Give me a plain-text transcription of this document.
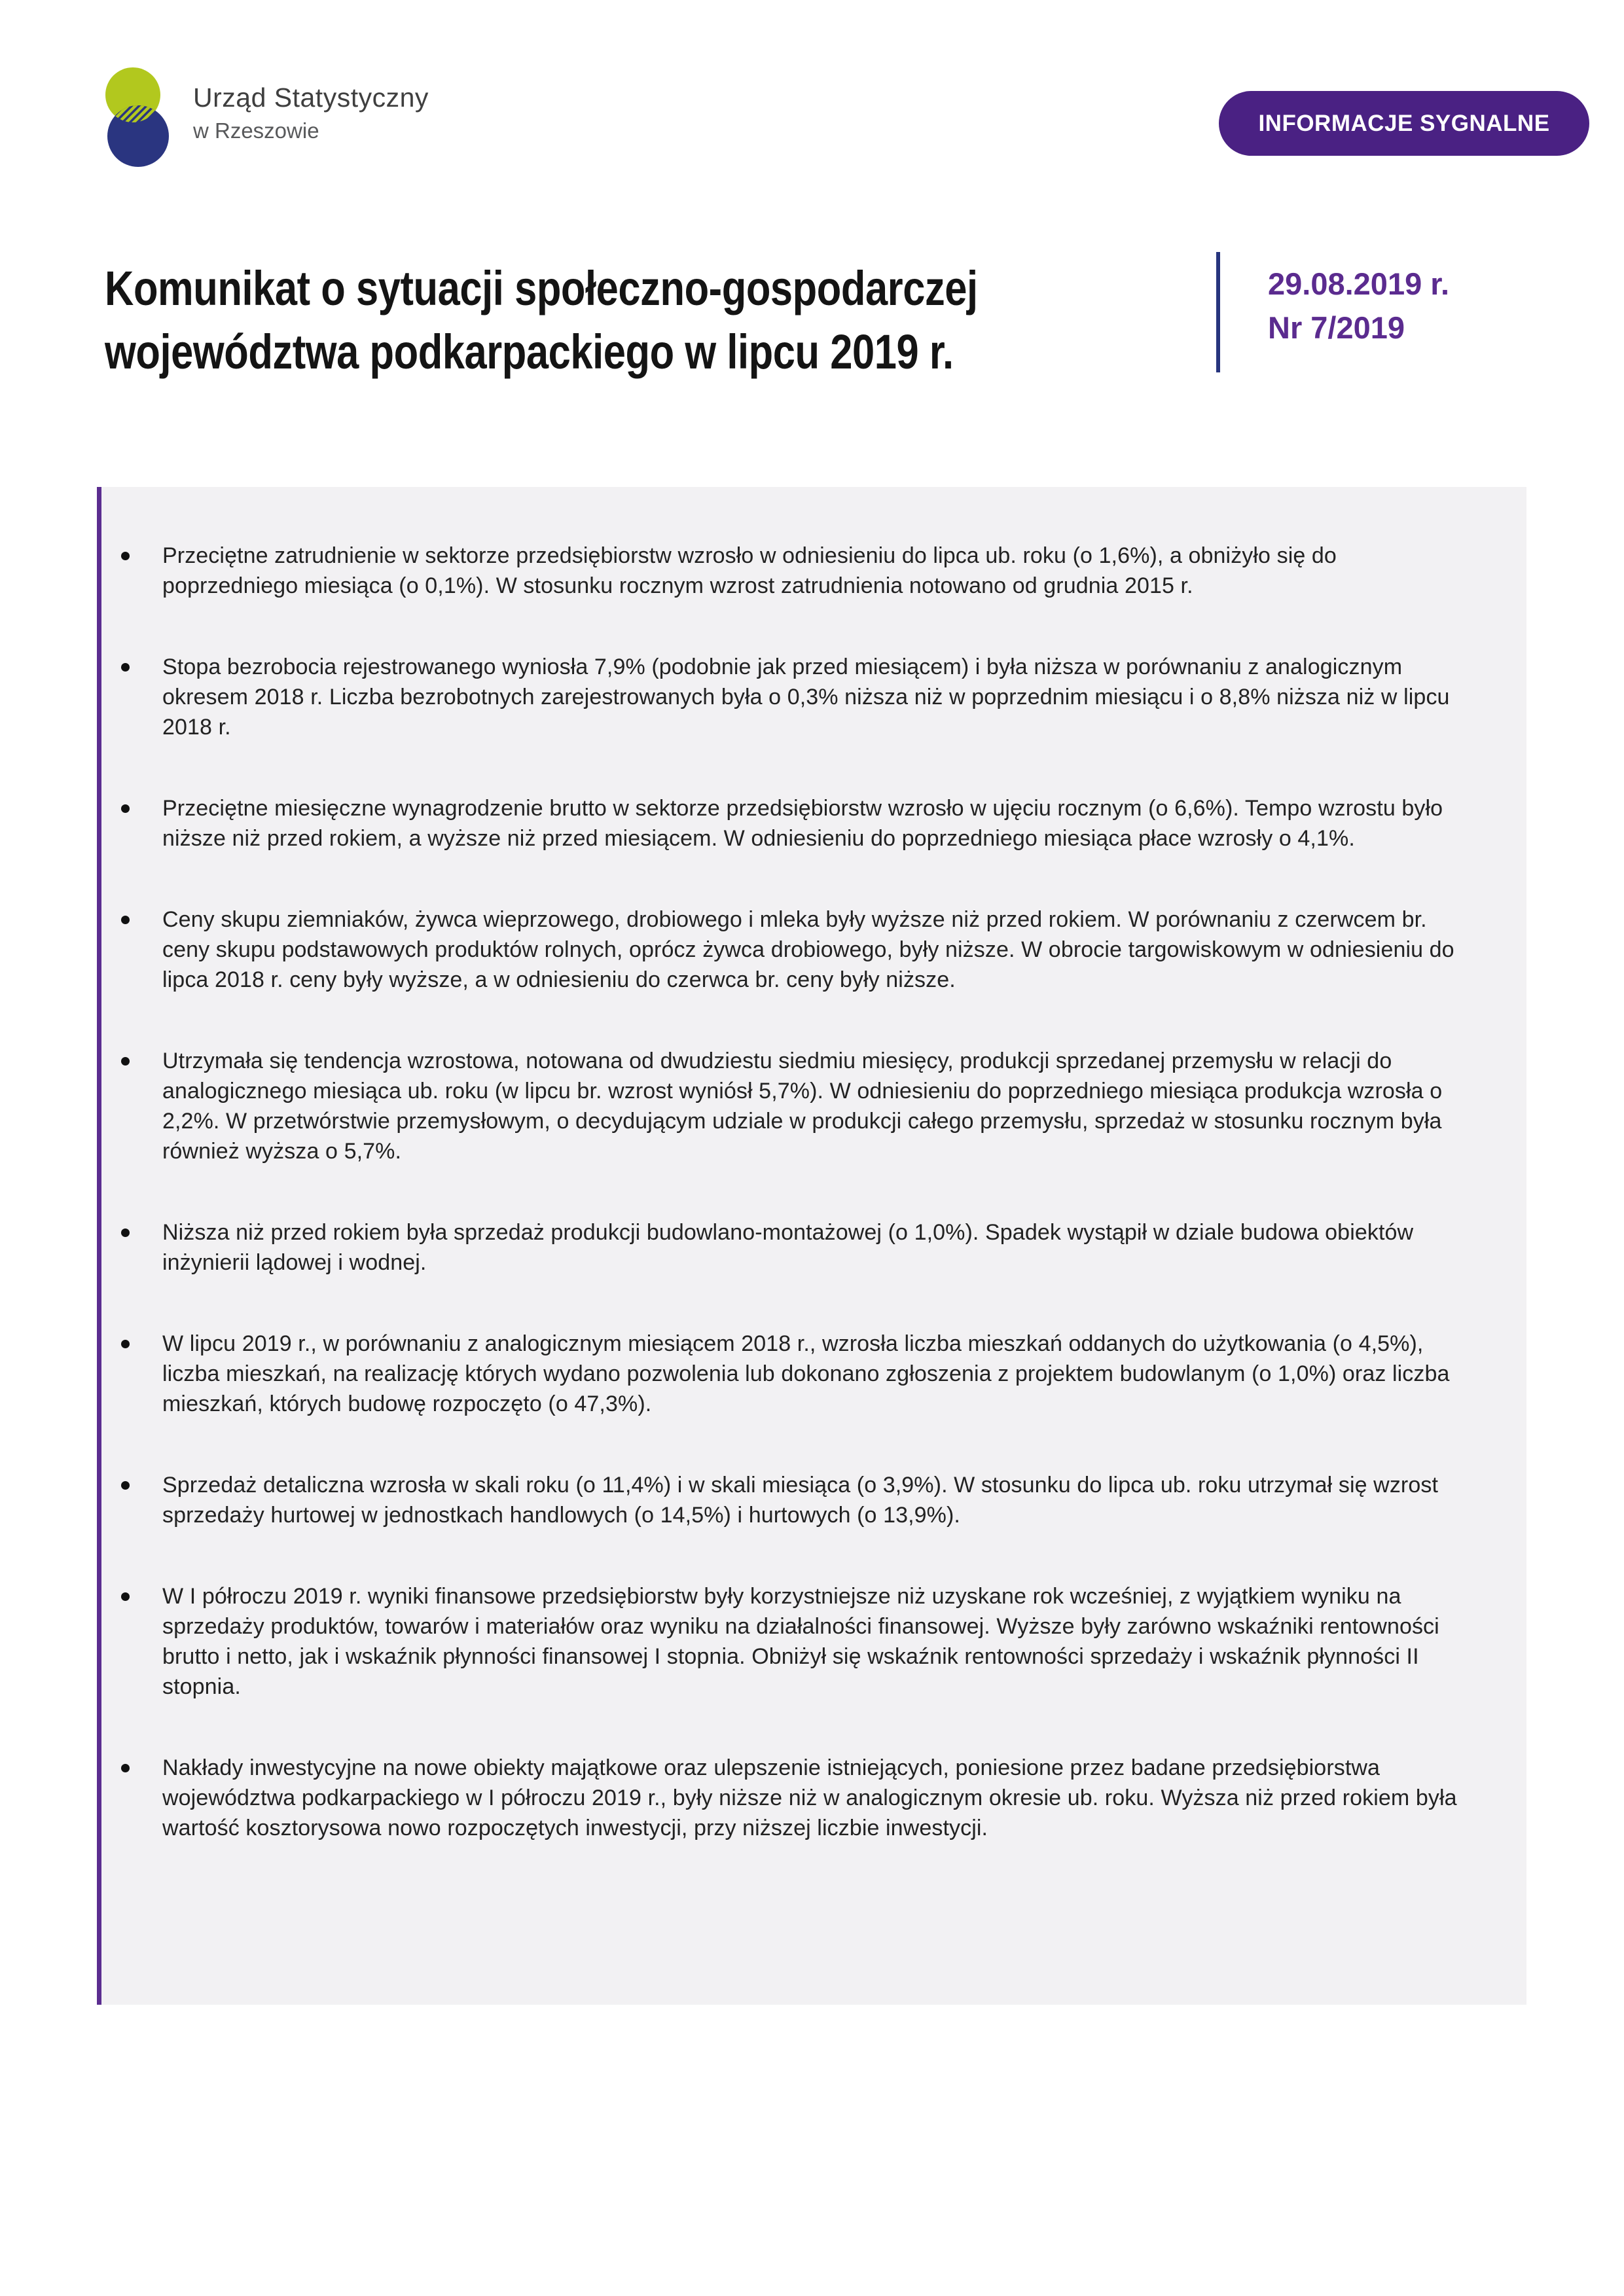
Urząd Statystyczny
w Rzeszowie	INFORMACJE SYGNALNE
Komunikat o sytuacji społeczno-gospodarczej województwa podkarpackiego w lipcu 2019 r.
29.08.2019 r.
Nr 7/2019
Przeciętne zatrudnienie w sektorze przedsiębiorstw wzrosło w odniesieniu do lipca ub. roku (o 1,6%), a obniżyło się do poprzedniego miesiąca (o 0,1%). W stosunku rocznym wzrost zatrudnienia notowano od grudnia 2015 r.
Stopa bezrobocia rejestrowanego wyniosła 7,9% (podobnie jak przed miesiącem) i była niższa w porównaniu z analogicznym okresem 2018 r. Liczba bezrobotnych zarejestrowanych była o 0,3% niższa niż w poprzednim miesiącu i o 8,8% niższa niż w lipcu 2018 r.
Przeciętne miesięczne wynagrodzenie brutto w sektorze przedsiębiorstw wzrosło w ujęciu rocznym (o 6,6%). Tempo wzrostu było niższe niż przed rokiem, a wyższe niż przed miesiącem. W odniesieniu do poprzedniego miesiąca płace wzrosły o 4,1%.
Ceny skupu ziemniaków, żywca wieprzowego, drobiowego i mleka były wyższe niż przed rokiem. W porównaniu z czerwcem br. ceny skupu podstawowych produktów rolnych, oprócz żywca drobiowego, były niższe. W obrocie targowiskowym w odniesieniu do lipca 2018 r. ceny były wyższe, a w odniesieniu do czerwca br. ceny były niższe.
Utrzymała się tendencja wzrostowa, notowana od dwudziestu siedmiu miesięcy, produkcji sprzedanej przemysłu w relacji do analogicznego miesiąca ub. roku (w lipcu br. wzrost wyniósł 5,7%). W odniesieniu do poprzedniego miesiąca produkcja wzrosła o 2,2%. W przetwórstwie przemysłowym, o decydującym udziale w produkcji całego przemysłu, sprzedaż w stosunku rocznym była również wyższa o 5,7%.
Niższa niż przed rokiem była sprzedaż produkcji budowlano-montażowej (o 1,0%). Spadek wystąpił w dziale budowa obiektów inżynierii lądowej i wodnej.
W lipcu 2019 r., w porównaniu z analogicznym miesiącem 2018 r., wzrosła liczba mieszkań oddanych do użytkowania (o 4,5%), liczba mieszkań, na realizację których wydano pozwolenia lub dokonano zgłoszenia z projektem budowlanym (o 1,0%) oraz liczba mieszkań, których budowę rozpoczęto (o 47,3%).
Sprzedaż detaliczna wzrosła w skali roku (o 11,4%) i w skali miesiąca (o 3,9%). W stosunku do lipca ub. roku utrzymał się wzrost sprzedaży hurtowej w jednostkach handlowych (o 14,5%) i hurtowych (o 13,9%).
W I półroczu 2019 r. wyniki finansowe przedsiębiorstw były korzystniejsze niż uzyskane rok wcześniej, z wyjątkiem wyniku na sprzedaży produktów, towarów i materiałów oraz wyniku na działalności finansowej. Wyższe były zarówno wskaźniki rentowności brutto i netto, jak i wskaźnik płynności finansowej I stopnia. Obniżył się wskaźnik rentowności sprzedaży i wskaźnik płynności II stopnia.
Nakłady inwestycyjne na nowe obiekty majątkowe oraz ulepszenie istniejących, poniesione przez badane przedsiębiorstwa województwa podkarpackiego w I półroczu 2019 r., były niższe niż w analogicznym okresie ub. roku. Wyższa niż przed rokiem była wartość kosztorysowa nowo rozpoczętych inwestycji, przy niższej liczbie inwestycji.
